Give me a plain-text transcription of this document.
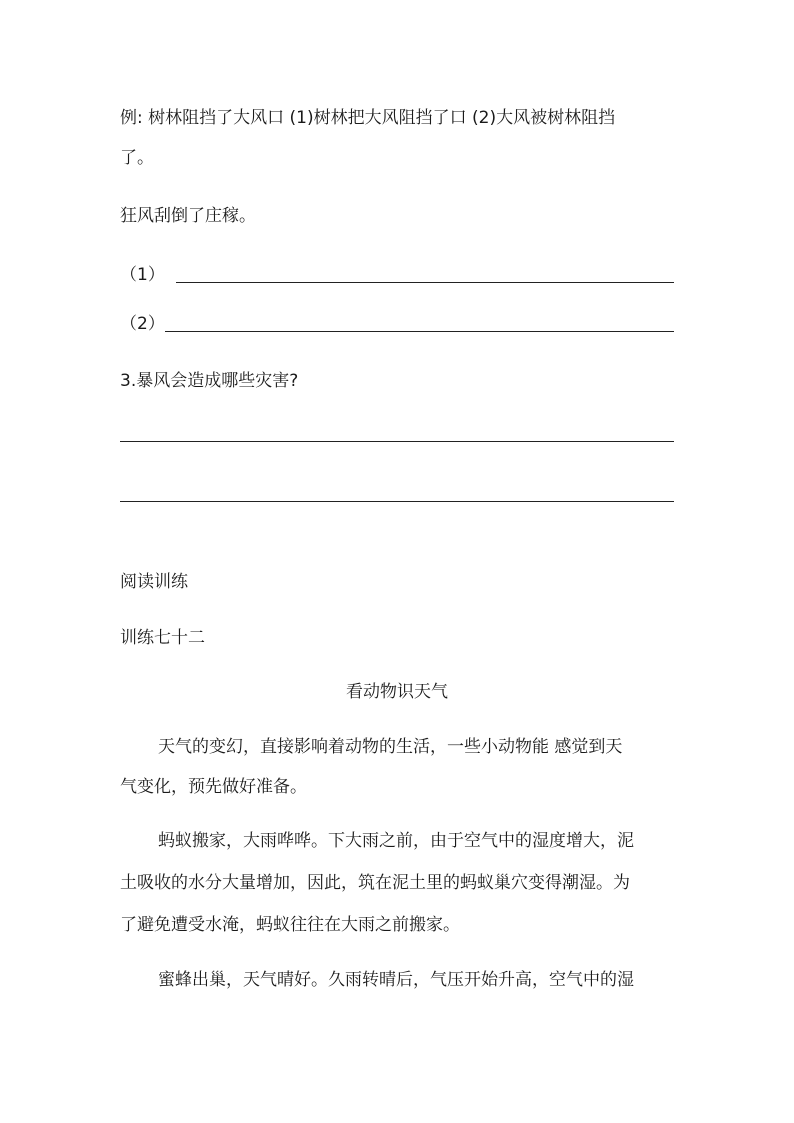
例: 树林阻挡了大风口 (1)树林把大风阻挡了口 (2)大风被树林阻挡
了。
狂风刮倒了庄稼。
（1）
（2）
3.暴风会造成哪些灾害?
阅读训练
训练七十二
看动物识天气
天气的变幻，直接影响着动物的生活，一些小动物能 感觉到天
气变化，预先做好准备。
蚂蚁搬家，大雨哗哗。下大雨之前，由于空气中的湿度增大，泥
土吸收的水分大量增加，因此，筑在泥土里的蚂蚁巢穴变得潮湿。为
了避免遭受水淹，蚂蚁往往在大雨之前搬家。
蜜蜂出巢，天气晴好。久雨转晴后，气压开始升高，空气中的湿
